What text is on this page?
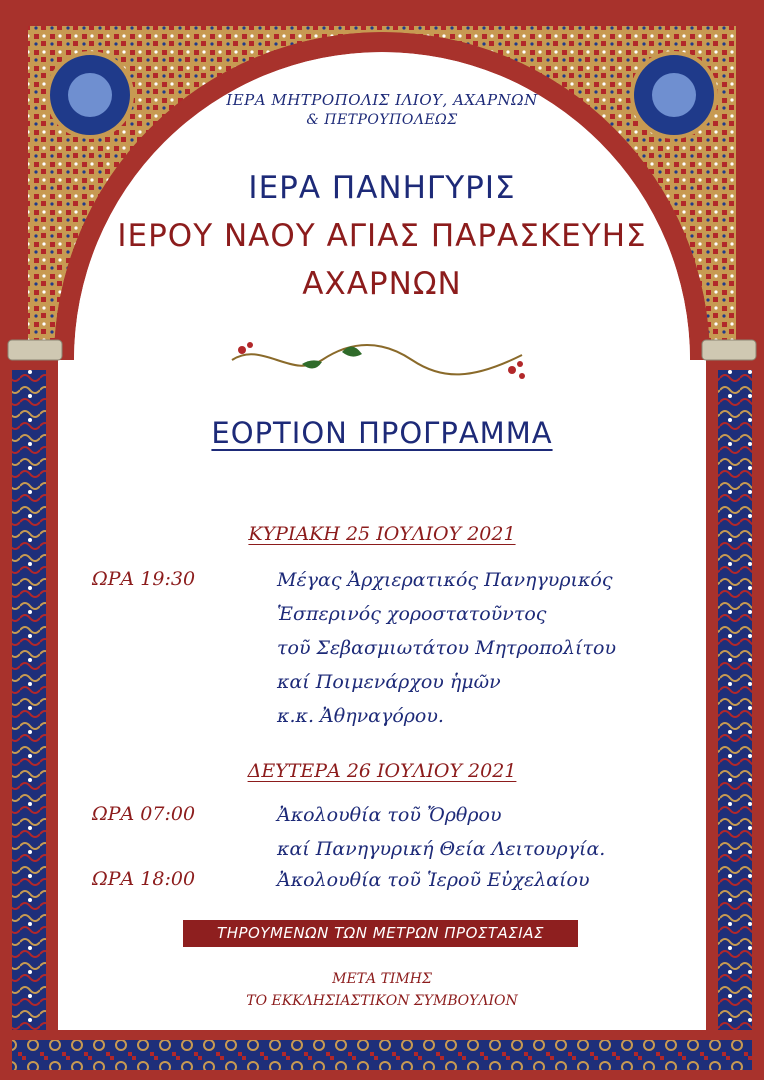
ΙΕΡΑ ΜΗΤΡΟΠΟΛΙΣ ΙΛΙΟΥ, ΑΧΑΡΝΩΝ
& ΠΕΤΡΟΥΠΟΛΕΩΣ
ΙΕΡΑ ΠΑΝΗΓΥΡΙΣ
ΙΕΡΟΥ ΝΑΟΥ ΑΓΙΑΣ ΠΑΡΑΣΚΕΥΗΣ
ΑΧΑΡΝΩΝ
ΕΟΡΤΙΟΝ ΠΡΟΓΡΑΜΜΑ
ΚΥΡΙΑΚΗ 25 ΙΟΥΛΙΟΥ 2021
ΩΡΑ 19:30	Μέγας Ἀρχιερατικός Πανηγυρικός
Ἑσπερινός χοροστατοῦντος
τοῦ Σεβασμιωτάτου Μητροπολίτου
καί Ποιμενάρχου ἡμῶν
κ.κ. Ἀθηναγόρου.
ΔΕΥΤΕΡΑ 26 ΙΟΥΛΙΟΥ 2021
ΩΡΑ 07:00	Ἀκολουθία τοῦ Ὄρθρου
καί Πανηγυρική Θεία Λειτουργία.
ΩΡΑ 18:00	Ἀκολουθία τοῦ Ἱεροῦ Εὐχελαίου
ΤΗΡΟΥΜΕΝΩΝ ΤΩΝ ΜΕΤΡΩΝ ΠΡΟΣΤΑΣΙΑΣ
ΜΕΤΑ ΤΙΜΗΣ
ΤΟ ΕΚΚΛΗΣΙΑΣΤΙΚΟΝ ΣΥΜΒΟΥΛΙΟΝ
